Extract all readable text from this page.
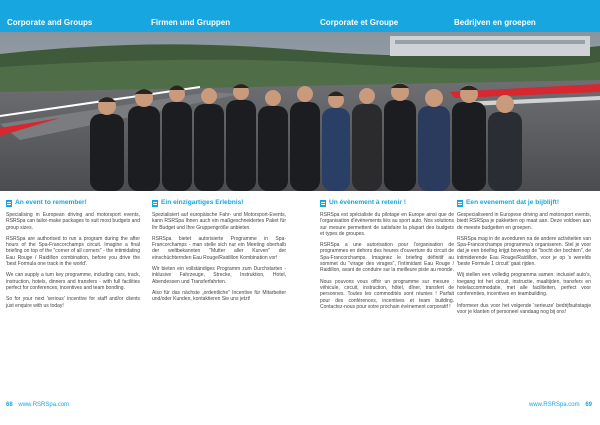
Corporate and Groups	Firmen und Gruppen	Corporate et Groupe	Bedrijven en groepen
An event to remember!

Specialising in European driving and motorsport events, RSRSpa can tailor-make packages to suit most budgets and group sizes.

RSRSpa are authorised to run a program during the after hours of the Spa-Francorchamps circuit. Imagine a final briefing on top of the "corner of all corners" - the intimidating Eau Rouge / Raidillon combination, before you drive the 'best Formula one track in the world'.

We can supply a turn key programme, including cars, track, instruction, hotels, dinners and transfers - with full facilities perfect for conferences, incentives and team bonding.

So for your next 'serious' incentive for staff and/or clients just enquire with us today!

Ein einzigartiges Erlebnis!

Spezialisiert auf europäische Fahr- und Motorsport-Events, kann RSRSpa Ihnen auch ein maßgeschneidertes Paket für Ihr Budget und Ihre Gruppengröße anbieten.

RSRSpa bietet autorisierte Programme in Spa-Francorchamps - man stelle sich nur ein Meeting oberhalb der weltbekannten "Mutter aller Kurven" der einschüchternden Eau Rouge/Raidillon Kombination vor!

Wir bieten ein vollständiges Programm zum Durchstarten - inklusive Fahrzeuge, Strecke, Instruktion, Hotel, Abendessen und Transferfahrten.

Also für das nächste „ordentliche" Incentive für Mitarbeiter und/oder Kunden, kontaktieren Sie uns jetzt!

Un évènement à retenir !

RSRSpa est spécialiste du pilotage en Europe ainsi que de l'organisation d'évènements liés au sport auto. Nos solutions sur mesure permettent de satisfaire la plupart des budgets et types de groupes.

RSRSpa a une autorisation pour l'organisation de programmes en dehors des heures d'ouverture du circuit de Spa-Francorchamps. Imaginez le briefing définitif au sommet du "virage des virages", l'intimidant Eau Rouge / Raidillon, avant de conduire sur la meilleure piste au monde.

Nous pouvons vous offrir un programme sur mesure : véhicule, circuit, instruction, hôtel, dîner, transfert de personnes. Toutes les commodités sont réunies ! Parfait pour des conférences, incentives et team building. Contactez-nous pour votre prochain évènement corporatif !

Een evenement dat je bijblijft!

Gespecialiseerd in Europese driving and motorsport events, biedt RSRSpa je pakketten op maat aan. Deze voldoen aan de meeste budgetten en groepen.

RSRSpa mag in de avonduren na de andere activiteiten van Spa-Francorchamps programma's organiseren. Stel je voor dat je een briefing krijgt bovenop de "bocht der bochten", de intimiderende Eau Rouge/Raidillon, voor je op 's werelds 'beste Formule 1 circuit' gaat rijden.

Wij stellen een volledig programma samen: inclusief auto's, toegang tot het circuit, instructie, maaltijden, transfers en hotelaccommodatie, met alle faciliteiten, perfect voor conferenties, incentives en teambuilding.

Informeer dus voor het volgende 'serieuze' bedrijfsuitstapje voor je klanten of personeel vandaag nog bij ons!

68 www.RSRSpa.com	www.RSRSpa.com 69
